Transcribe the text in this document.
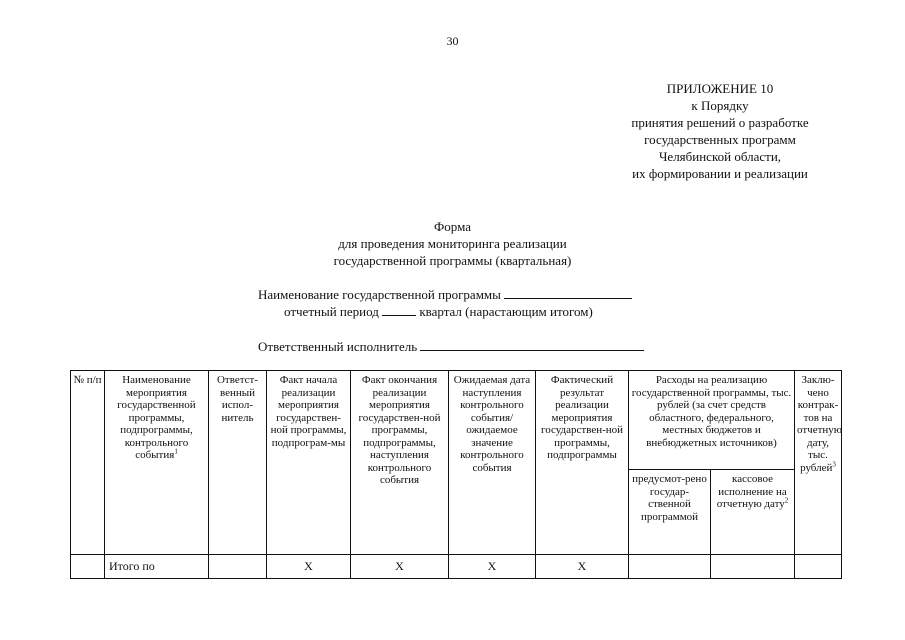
30
ПРИЛОЖЕНИЕ 10
к Порядку
принятия решений о разработке
государственных программ
Челябинской области,
их формировании и реализации
Форма
для проведения мониторинга реализации
государственной программы (квартальная)
Наименование государственной программы
отчетный период	квартал (нарастающим итогом)
Ответственный исполнитель
№ п/п	Наименование мероприятия государственной программы, подпрограммы, контрольного события$^1$	Ответст-венный испол-нитель	Факт начала реализации мероприятия государствен-ной программы, подпрограм-мы	Факт окончания реализации мероприятия государствен-ной программы, подпрограммы, наступления контрольного события	Ожидаемая дата наступления контрольного события/ ожидаемое значение контрольного события	Фактический результат реализации мероприятия государствен-ной программы, подпрограммы	Расходы на реализацию государственной программы, тыс. рублей (за счет средств областного, федерального, местных бюджетов и внебюджетных источников)		Заклю-чено контрак-тов на отчетную дату, тыс. рублей$^3$
							предусмот-рено государ-ственной программой	кассовое исполнение на отчетную дату$^2$
	Итого по		Х	Х	Х	Х			
